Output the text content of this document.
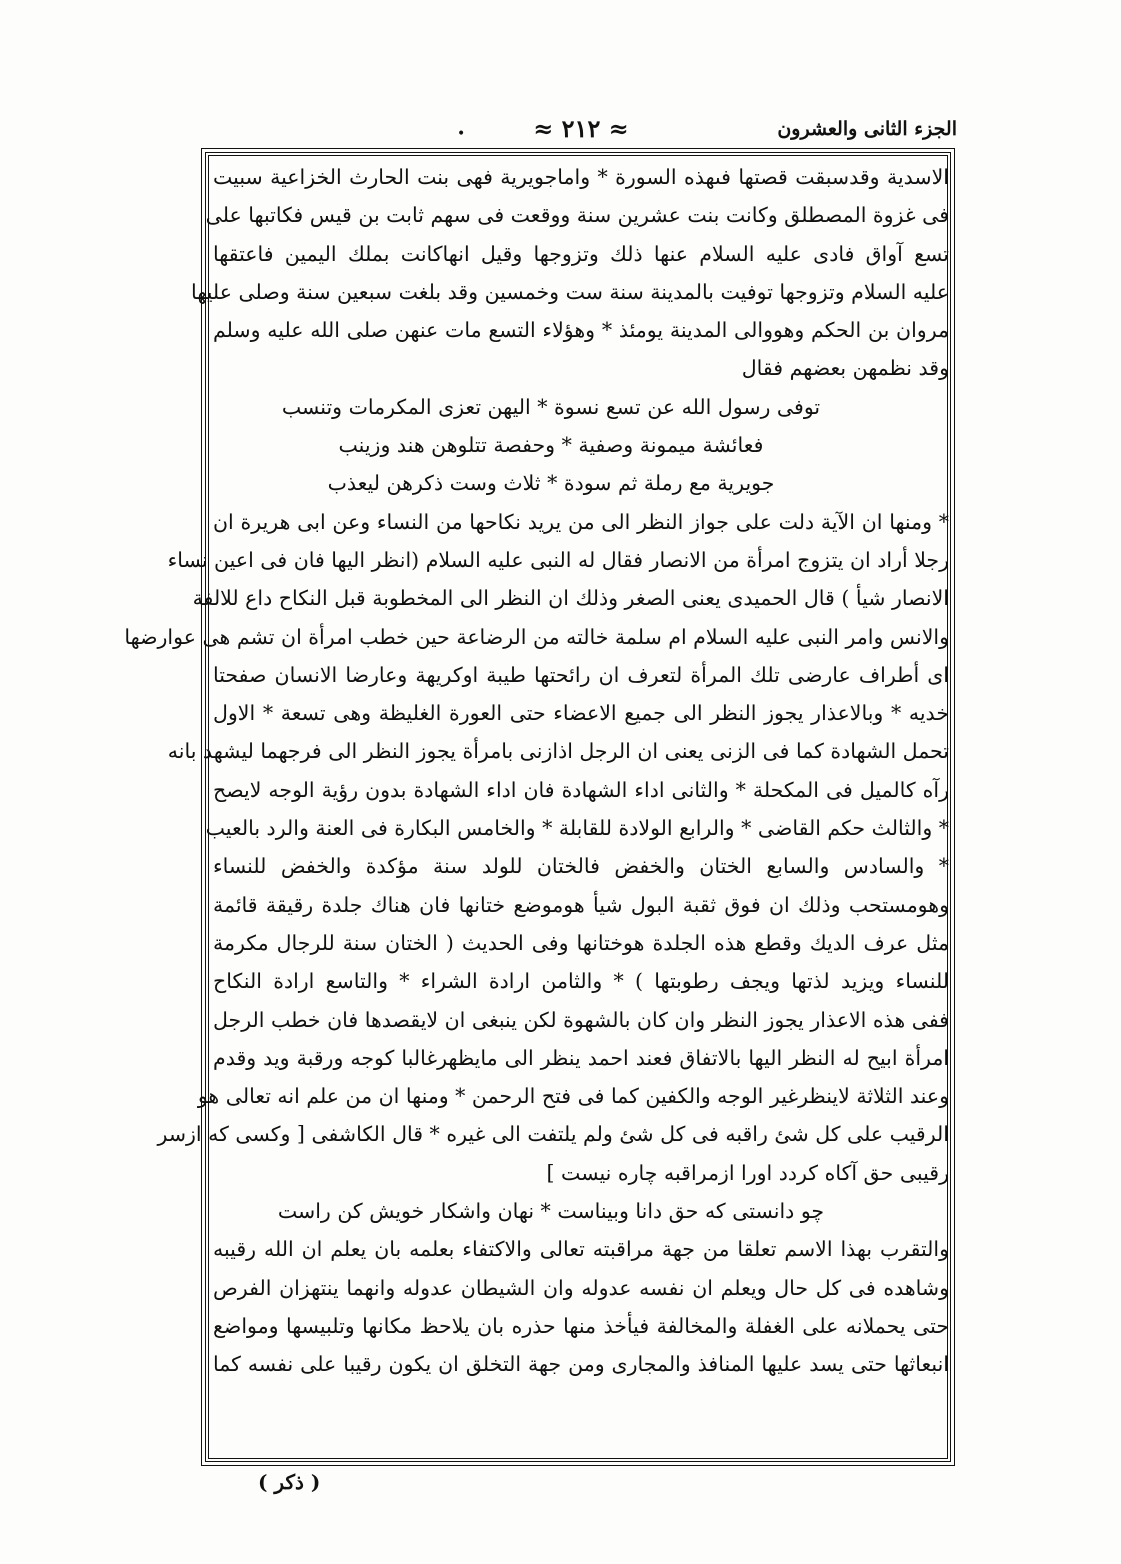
الجزء الثانى والعشرون
≈ ٢١٢ ≈
•
الاسدية وقدسبقت قصتها فىهذه السورة * واماجويرية فهى بنت الحارث الخزاعية سبيت
فى غزوة المصطلق وكانت بنت عشرين سنة ووقعت فى سهم ثابت بن قيس فكاتبها على
تسع آواق فادى عليه السلام عنها ذلك وتزوجها وقيل انهاكانت بملك اليمين فاعتقها
عليه السلام وتزوجها توفيت بالمدينة سنة ست وخمسين وقد بلغت سبعين سنة وصلى عليها
مروان بن الحكم وهووالى المدينة يومئذ * وهؤلاء التسع مات عنهن صلى الله عليه وسلم
وقد نظمهن بعضهم فقال
توفى رسول الله عن تسع نسوة * اليهن تعزى المكرمات وتنسب
فعائشة ميمونة وصفية * وحفصة تتلوهن هند وزينب
جويرية مع رملة ثم سودة * ثلاث وست ذكرهن ليعذب
* ومنها ان الآية دلت على جواز النظر الى من يريد نكاحها من النساء وعن ابى هريرة ان
رجلا أراد ان يتزوج امرأة من الانصار فقال له النبى عليه السلام (انظر اليها فان فى اعين نساء
الانصار شيأ ) قال الحميدى يعنى الصغر وذلك ان النظر الى المخطوبة قبل النكاح داع للالفة
والانس وامر النبى عليه السلام ام سلمة خالته من الرضاعة حين خطب امرأة ان تشم هى عوارضها
اى أطراف عارضى تلك المرأة لتعرف ان رائحتها طيبة اوكريهة وعارضا الانسان صفحتا
خديه * وبالاعذار يجوز النظر الى جميع الاعضاء حتى العورة الغليظة وهى تسعة * الاول
تحمل الشهادة كما فى الزنى يعنى ان الرجل اذازنى بامرأة يجوز النظر الى فرجهما ليشهد بانه
رآه كالميل فى المكحلة * والثانى اداء الشهادة فان اداء الشهادة بدون رؤية الوجه لايصح
* والثالث حكم القاضى * والرابع الولادة للقابلة * والخامس البكارة فى العنة والرد بالعيب
* والسادس والسابع الختان والخفض فالختان للولد سنة مؤكدة والخفض للنساء
وهومستحب وذلك ان فوق ثقبة البول شيأ هوموضع ختانها فان هناك جلدة رقيقة قائمة
مثل عرف الديك وقطع هذه الجلدة هوختانها وفى الحديث ( الختان سنة للرجال مكرمة
للنساء ويزيد لذتها ويجف رطوبتها ) * والثامن ارادة الشراء * والتاسع ارادة النكاح
ففى هذه الاعذار يجوز النظر وان كان بالشهوة لكن ينبغى ان لايقصدها فان خطب الرجل
امرأة ابيح له النظر اليها بالاتفاق فعند احمد ينظر الى مايظهرغالبا كوجه ورقبة ويد وقدم
وعند الثلاثة لاينظرغير الوجه والكفين كما فى فتح الرحمن * ومنها ان من علم انه تعالى هو
الرقيب على كل شئ راقبه فى كل شئ ولم يلتفت الى غيره * قال الكاشفى [ وكسى كه ازسر
رقيبى حق آكاه كردد اورا ازمراقبه چاره نيست ]
چو دانستى كه حق دانا وبيناست * نهان واشكار خويش كن راست
والتقرب بهذا الاسم تعلقا من جهة مراقبته تعالى والاكتفاء بعلمه بان يعلم ان الله رقيبه
وشاهده فى كل حال ويعلم ان نفسه عدوله وان الشيطان عدوله وانهما ينتهزان الفرص
حتى يحملانه على الغفلة والمخالفة فيأخذ منها حذره بان يلاحظ مكانها وتلبيسها ومواضع
انبعاثها حتى يسد عليها المنافذ والمجارى ومن جهة التخلق ان يكون رقيبا على نفسه كما
( ذكر )
